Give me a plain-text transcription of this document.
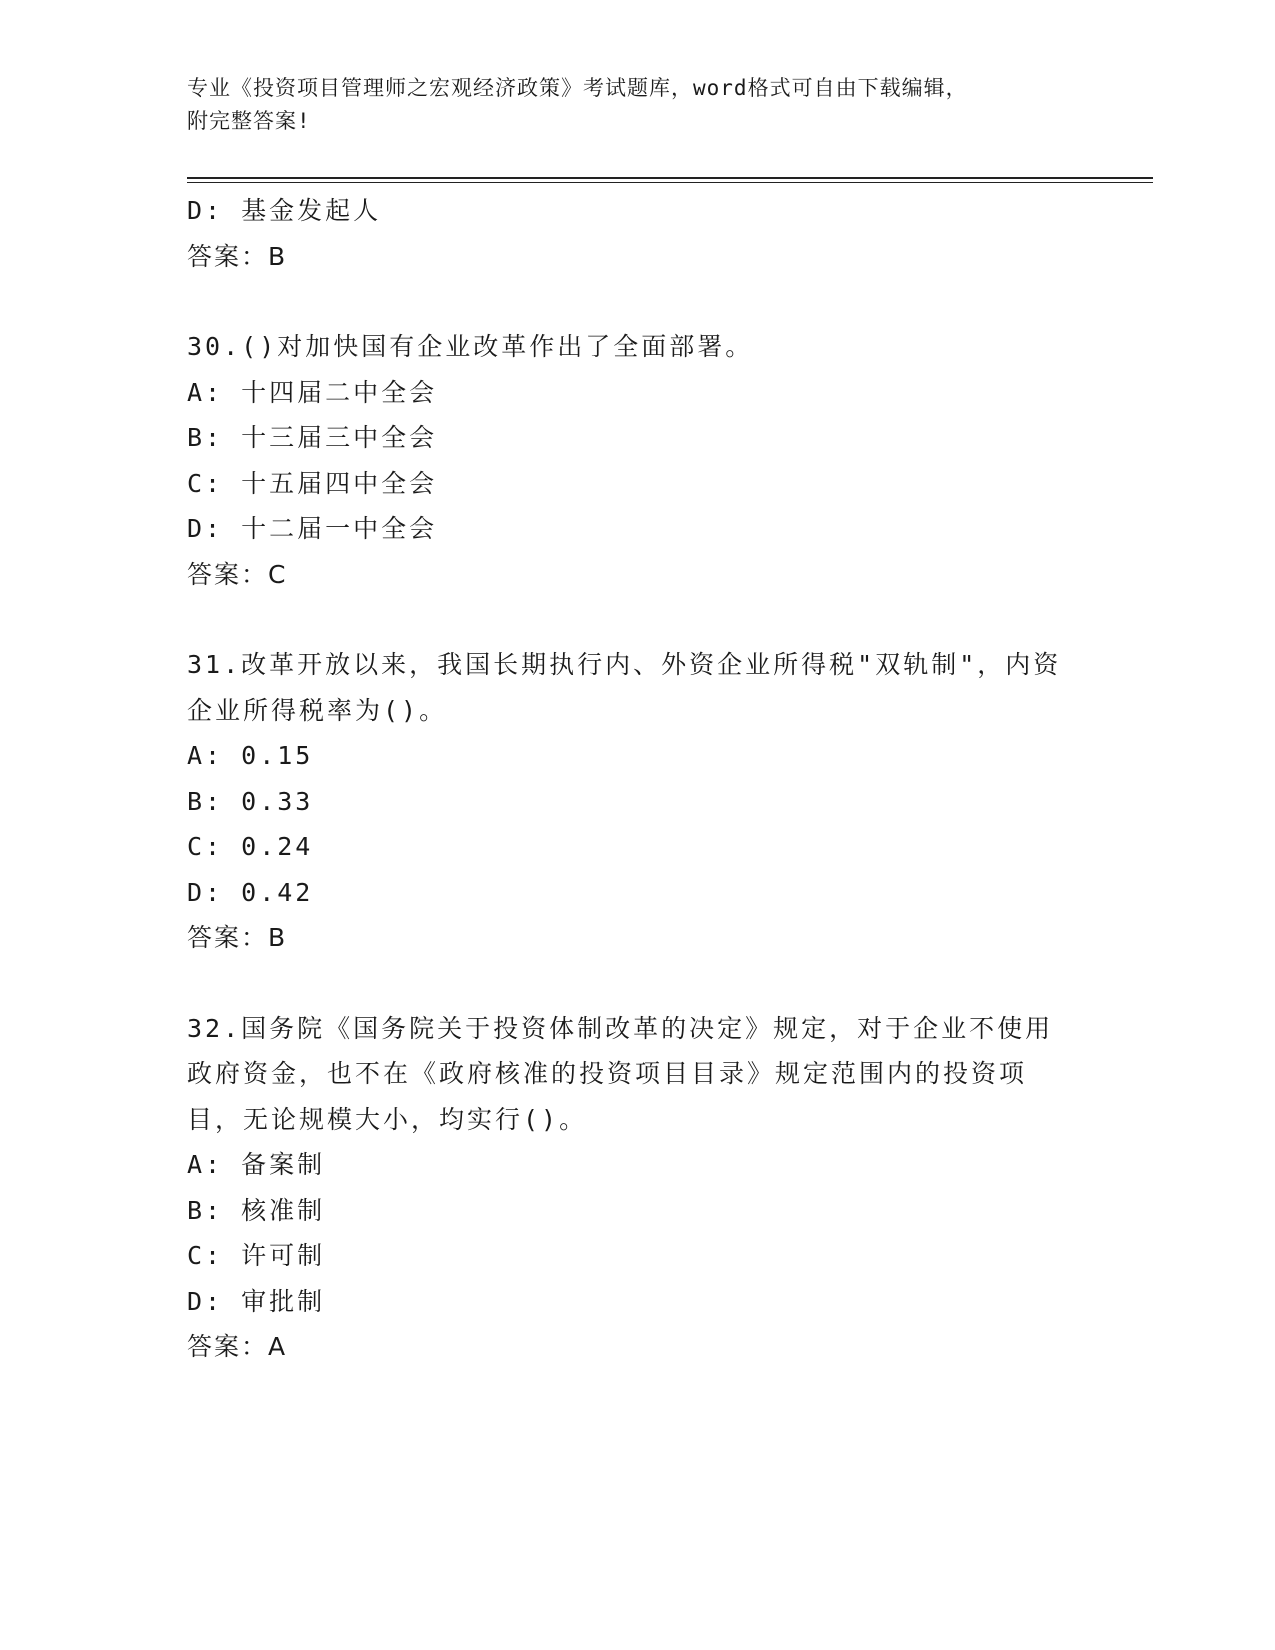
专业《投资项目管理师之宏观经济政策》考试题库，word格式可自由下载编辑，
附完整答案!
D: 基金发起人
答案：B
30.()对加快国有企业改革作出了全面部署。
A: 十四届二中全会
B: 十三届三中全会
C: 十五届四中全会
D: 十二届一中全会
答案：C
31.改革开放以来，我国长期执行内、外资企业所得税"双轨制"，内资
企业所得税率为()。
A: 0.15
B: 0.33
C: 0.24
D: 0.42
答案：B
32.国务院《国务院关于投资体制改革的决定》规定，对于企业不使用
政府资金，也不在《政府核准的投资项目目录》规定范围内的投资项
目，无论规模大小，均实行()。
A: 备案制
B: 核准制
C: 许可制
D: 审批制
答案：A
